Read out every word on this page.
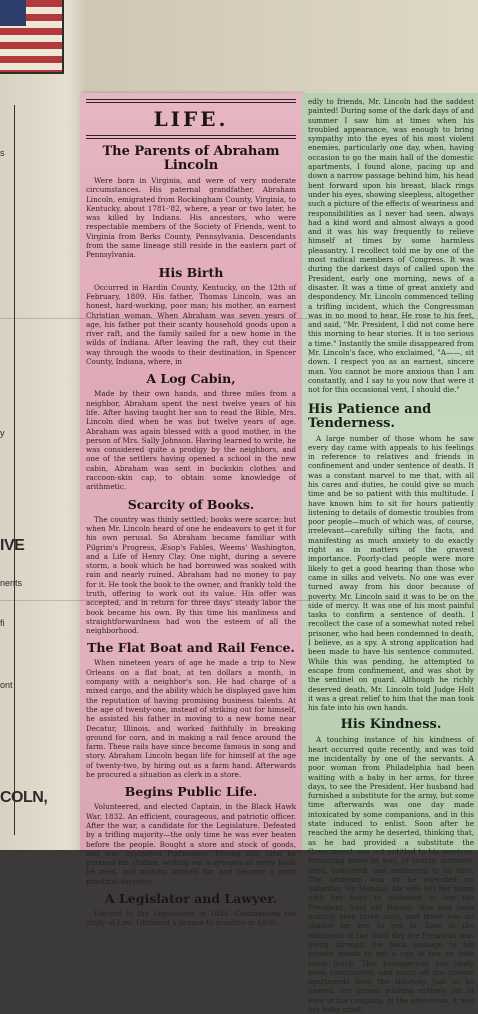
y
IVE
nents
fi
ont
COLN,
s
LIFE.
The Parents of Abraham Lincoln

Were born in Virginia, and were of very moderate circumstances. His paternal grandfather, Abraham Lincoln, emigrated from Rockingham County, Virginia, to Kentucky, about 1781-'82, where, a year or two later, he was killed by Indians. His ancestors, who were respectable members of the Society of Friends, went to Virginia from Berks County, Pennsylvania. Descendants from the same lineage still reside in the eastern part of Pennsylvania.

His Birth

Occurred in Hardin County, Kentucky, on the 12th of February, 1809. His father, Thomas Lincoln, was an honest, hard-working, poor man; his mother, an earnest Christian woman. When Abraham was seven years of age, his father put their scanty household goods upon a river raft, and the family sailed for a new home in the wilds of Indiana. After leaving the raft, they cut their way through the woods to their destination, in Spencer County, Indiana, where, in

A Log Cabin,

Made by their own hands, and three miles from a neighbor, Abraham spent the next twelve years of his life. After having taught her son to read the Bible, Mrs. Lincoln died when he was but twelve years of age. Abraham was again blessed with a good mother, in the person of Mrs. Sally Johnson. Having learned to write, he was considered quite a prodigy by the neighbors, and one of the settlers having opened a school in the new cabin, Abraham was sent in buckskin clothes and raccoon-skin cap, to obtain some knowledge of arithmetic.

Scarcity of Books.

The country was thinly settled; books were scarce; but when Mr. Lincoln heard of one he endeavors to get it for his own perusal. So Abraham became familiar with Pilgrim's Progress, Æsop's Fables, Weems' Washington, and a Life of Henry Clay. One night, during a severe storm, a book which he had borrowed was soaked with rain and nearly ruined. Abraham had no money to pay for it. He took the book to the owner, and frankly told the truth, offering to work out its value. His offer was accepted, and in return for three days' steady labor the book became his own. By this time his manliness and straightforwardness had won the esteem of all the neighborhood.

The Flat Boat and Rail Fence.

When nineteen years of age he made a trip to New Orleans on a flat boat, at ten dollars a month, in company with a neighbor's son. He had charge of a mixed cargo, and the ability which he displayed gave him the reputation of having promising business talents. At the age of twenty-one, instead of striking out for himself, he assisted his father in moving to a new home near Decatur, Illinois, and worked faithfully in breaking ground for corn, and in making a rail fence around the farm. These rails have since become famous in song and story. Abraham Lincoln began life for himself at the age of twenty-two, by hiring out as a farm hand. Afterwards he procured a situation as clerk in a store.

Begins Public Life.

Volunteered, and elected Captain, in the Black Hawk War, 1832. An efficient, courageous, and patriotic officer. After the war, a candidate for the Legislature. Defeated by a trifling majority—the only time he was ever beaten before the people. Bought a store and stock of goods, and was appointed Postmaster. During this time he pursued his studies, writing out a synopsis of every book he read, and making himself for, and became a good practical surveyor.

A Legislator and Lawyer.

Elected to the Legislature in 1834. Commenced the study of Law. Obtained a license to practice in 1836.

edly to friends, Mr. Lincoln had the saddest painted! During some of the dark days of and summer I saw him at times when his troubled appearance, was enough to bring sympathy into the eyes of his most violent enemies, particularly one day, when, having occasion to go the main hall of the domestic apartments, I found alone, pacing up and down a narrow passage behind him, his head bent forward upon his breast, black rings under his eyes, showing sleepless, altogether such a picture of the effects of weariness and responsibilities as I never had seen. always had a kind word and almost always a good and it was his way frequently to relieve himself at times by some harmless pleasantry. I recollect told me by one of the most radical members of Congress. It was during the darkest days of called upon the President, early one morning, news of a disaster. It was a time of great anxiety and despondency. Mr. Lincoln commenced telling a trifling incident, which the Congressman was in no mood to hear. He rose to his feet, and said, "Mr. President, I did not come here this morning to hear stories. It is too serious a time." Instantly the smile disappeared from Mr. Lincoln's face, who exclaimed, "A——, sit down. I respect you as an earnest, sincere man. You cannot be more anxious than I am constantly, and I say to you now that were it not for this occasional vent, I should die."

His Patience and Tenderness.

A large number of those whom he saw every day came with appeals to his feelings in reference to relatives and friends in confinement and under sentence of death. It was a constant marvel to me that, with all his cares and duties, he could give so much time and be so patient with this multitude. I have known him to sit for hours patiently listening to details of domestic troubles from poor people—much of which was, of course, irrelevant—carefully sifting the facts, and manifesting as much anxiety to do exactly right as in matters of the gravest importance. Poorly-clad people were more likely to get a good hearing than those who came in silks and velvets. No one was ever turned away from his door because of poverty. Mr. Lincoln said it was to be on the side of mercy. It was one of his most painful tasks to confirm a sentence of death. I recollect the case of a somewhat noted rebel prisoner, who had been condemned to death, I believe, as a spy. A strong application had been made to have his sentence commuted. While this was pending, he attempted to escape from confinement, and was shot by the sentinel on guard. Although he richly deserved death, Mr. Lincoln told Judge Holt it was a great relief to him that the man took his fate into his own hands.

His Kindness.

A touching instance of his kindness of heart occurred quite recently, and was told me incidentally by one of the servants. A poor woman from Philadelphia had been waiting with a baby in her arms, for three days, to see the President. Her husband had furnished a substitute for the army, but some time afterwards was one day made intoxicated by some companions, and in this state induced to enlist. Soon after he reached the army he deserted, thinking that, as he had provided a substitute the Government was not entitled to his services. Returning home he was, of course, arrested, tried, convicted, and sentenced to be shot. The sentence was to be executed on Saturday. On Monday, his wife left her home with her baby to endeavor to see the President. Said old Daniel: 'She had been waiting here three days, and there was no chance for her to get in. Late in the afternoon of the third day the President was going through the back passage to his private rooms to get a cup of tea, or take some lunch. This passage-way has lately been constructed, and shuts off the private apartments from the stairway. Just as he passed, the person pushing entirely out of view of the company, in the ante-room, it was her baby cried.'
